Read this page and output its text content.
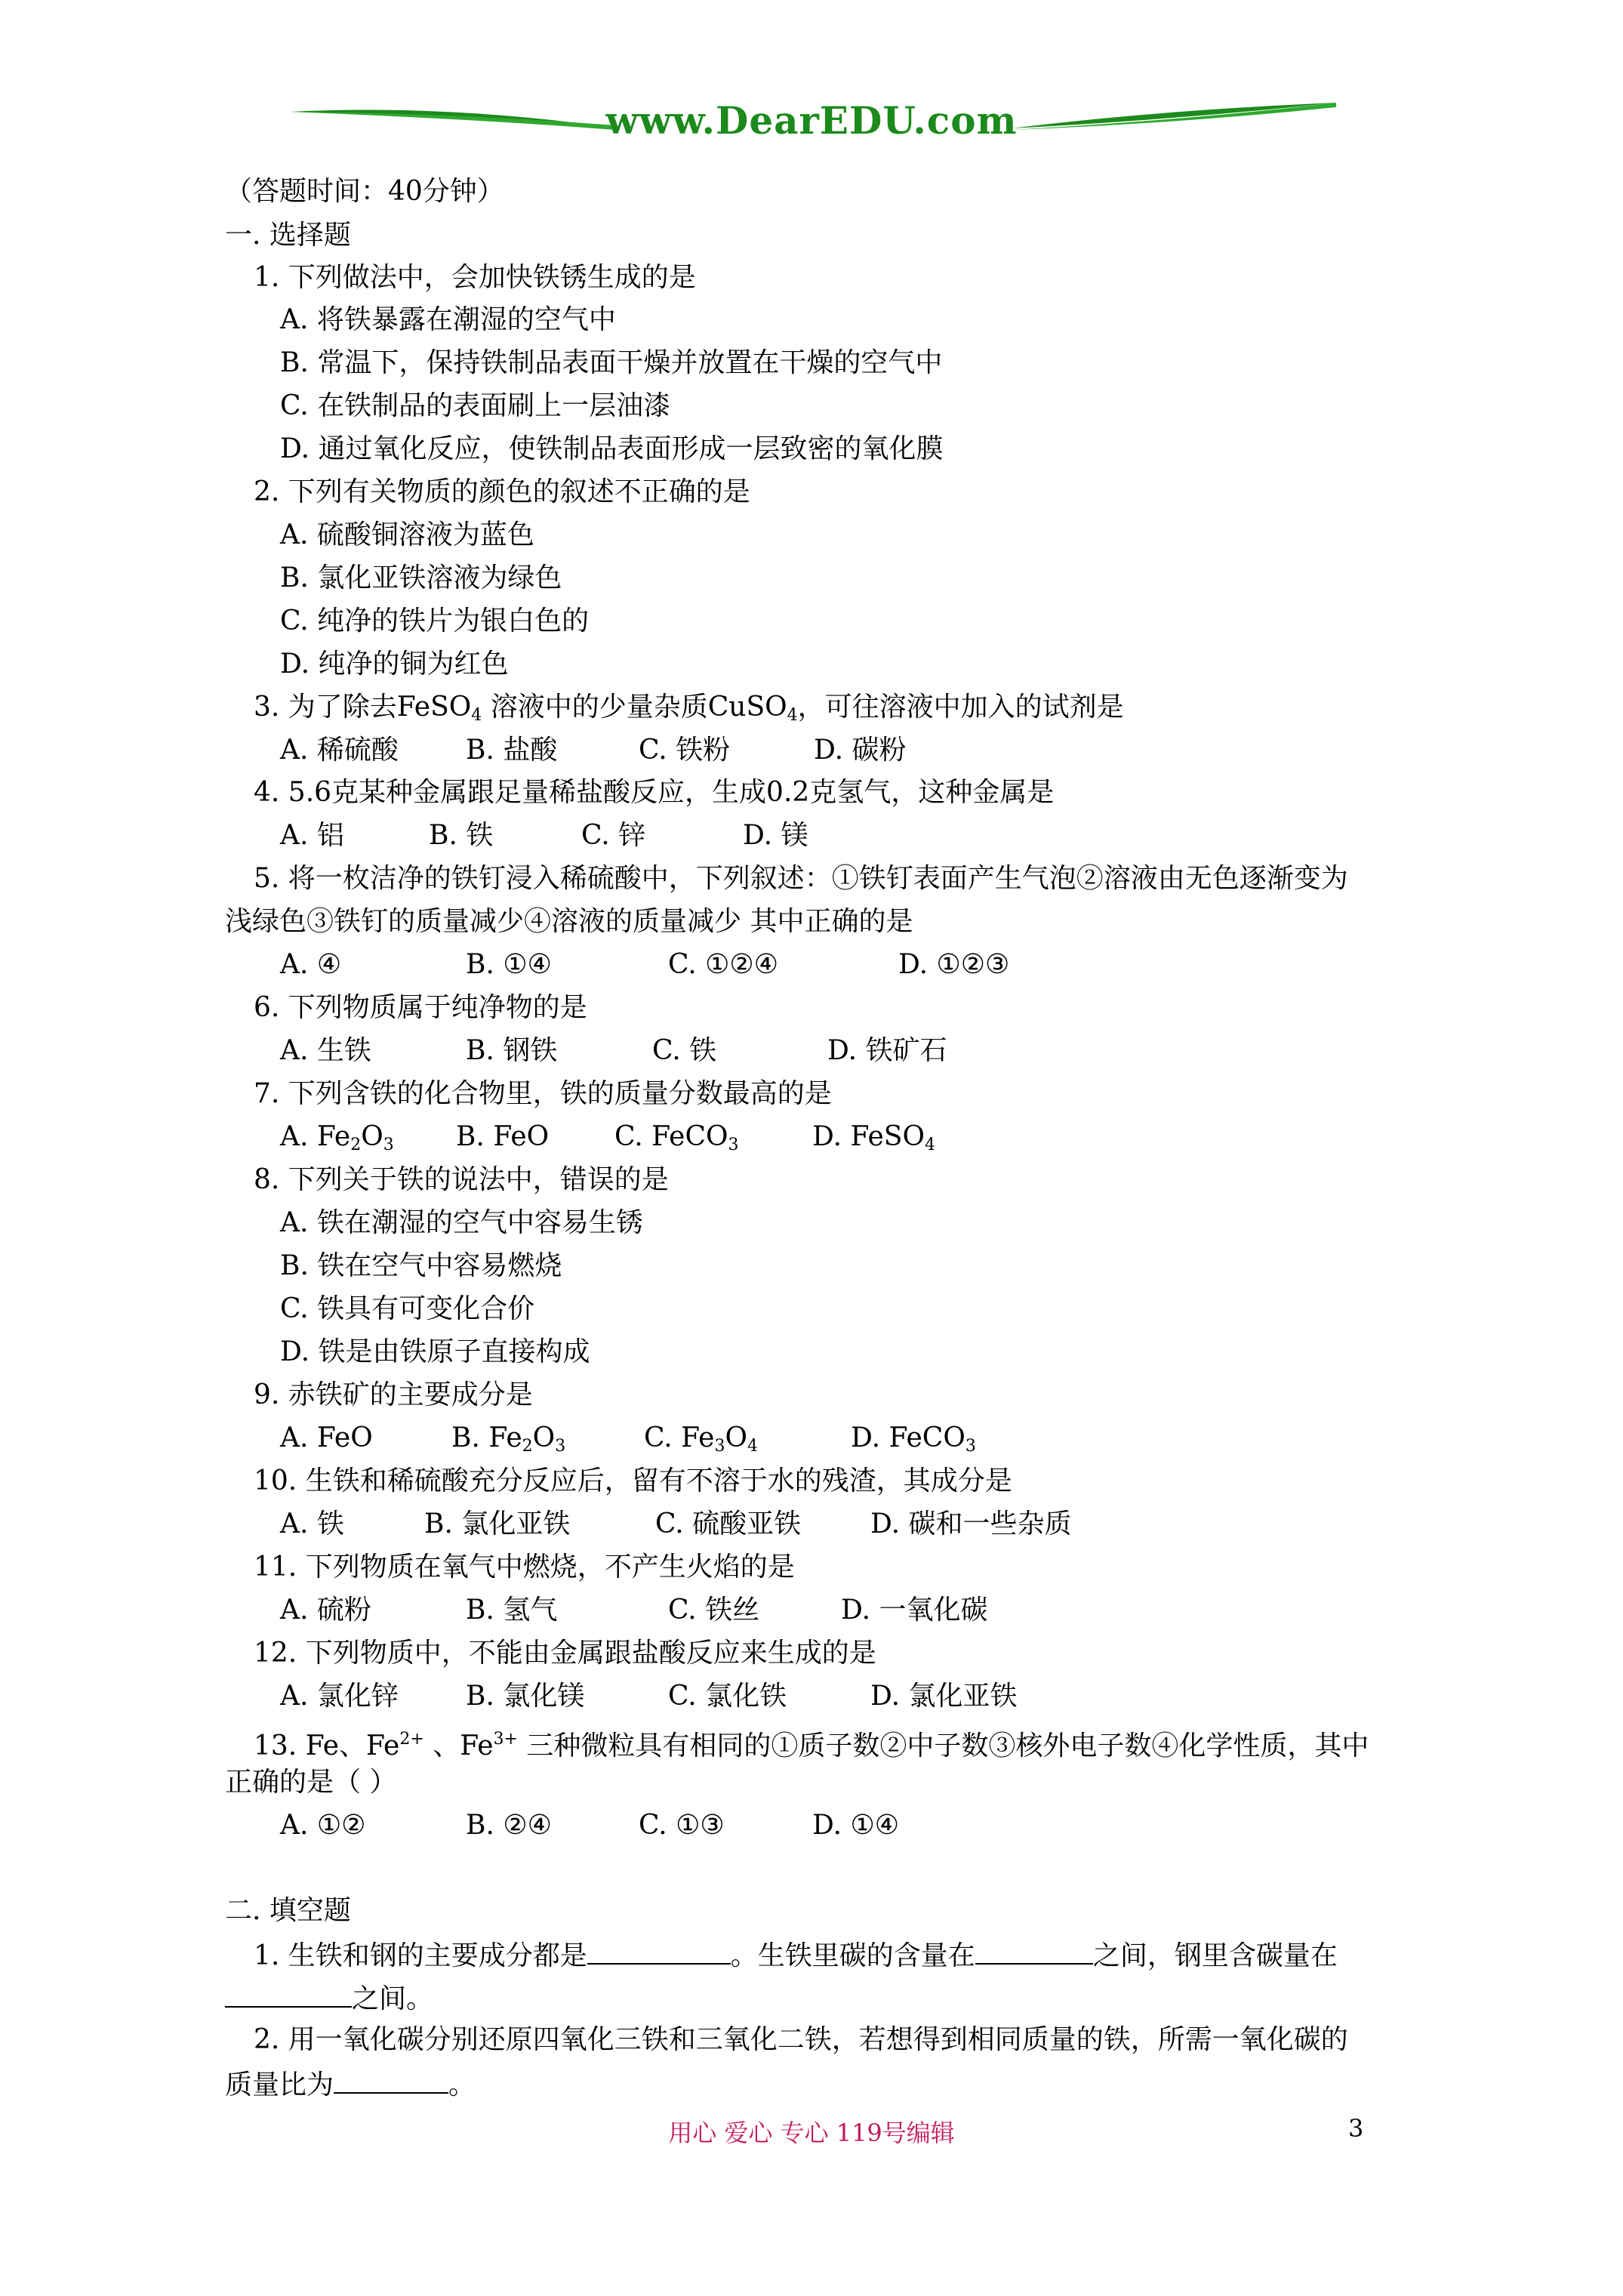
www.DearEDU.com
（答题时间：40分钟）
一. 选择题
1. 下列做法中，会加快铁锈生成的是
A. 将铁暴露在潮湿的空气中
B. 常温下，保持铁制品表面干燥并放置在干燥的空气中
C. 在铁制品的表面刷上一层油漆
D. 通过氧化反应，使铁制品表面形成一层致密的氧化膜
2. 下列有关物质的颜色的叙述不正确的是
A. 硫酸铜溶液为蓝色
B. 氯化亚铁溶液为绿色
C. 纯净的铁片为银白色的
D. 纯净的铜为红色
3. 为了除去FeSO$_4$ 溶液中的少量杂质CuSO$_4$，可往溶液中加入的试剂是
A. 稀硫酸 B. 盐酸	C. 铁粉	D. 碳粉
4. 5.6克某种金属跟足量稀盐酸反应，生成0.2克氢气，这种金属是
A. 铝	B. 铁	C. 锌	D. 镁
5. 将一枚洁净的铁钉浸入稀硫酸中，下列叙述：①铁钉表面产生气泡②溶液由无色逐渐变为
浅绿色③铁钉的质量减少④溶液的质量减少 其中正确的是
A. ④	B. ①④	C. ①②④	D. ①②③
6. 下列物质属于纯净物的是
A. 生铁	B. 钢铁	C. 铁	D. 铁矿石
7. 下列含铁的化合物里，铁的质量分数最高的是
A. $Fe_2O_3$ B. FeO C. FeCO$_3$	D. FeSO$_4$
8. 下列关于铁的说法中，错误的是
A. 铁在潮湿的空气中容易生锈
B. 铁在空气中容易燃烧
C. 铁具有可变化合价
D. 铁是由铁原子直接构成
9. 赤铁矿的主要成分是
A. FeO	B. $Fe_2O_3$	C. $Fe_3O_4$	D. FeCO$_3$
10. 生铁和稀硫酸充分反应后，留有不溶于水的残渣，其成分是
A. 铁	B. 氯化亚铁	C. 硫酸亚铁	D. 碳和一些杂质
11. 下列物质在氧气中燃烧，不产生火焰的是
A. 硫粉	B. 氢气	C. 铁丝	D. 一氧化碳
12. 下列物质中，不能由金属跟盐酸反应来生成的是
A. 氯化锌 B. 氯化镁	C. 氯化铁	D. 氯化亚铁
13. Fe、$Fe^{2+}$ 、$Fe^{3+}$ 三种微粒具有相同的①质子数②中子数③核外电子数④化学性质，其中
正确的是（ ）
A. ①②	B. ②④	C. ①③	D. ①④
二. 填空题
1. 生铁和钢的主要成分都是	。生铁里碳的含量在	之间，钢里含碳量在
之间。
2. 用一氧化碳分别还原四氧化三铁和三氧化二铁，若想得到相同质量的铁，所需一氧化碳的
质量比为	。
用心 爱心 专心 119号编辑	3
